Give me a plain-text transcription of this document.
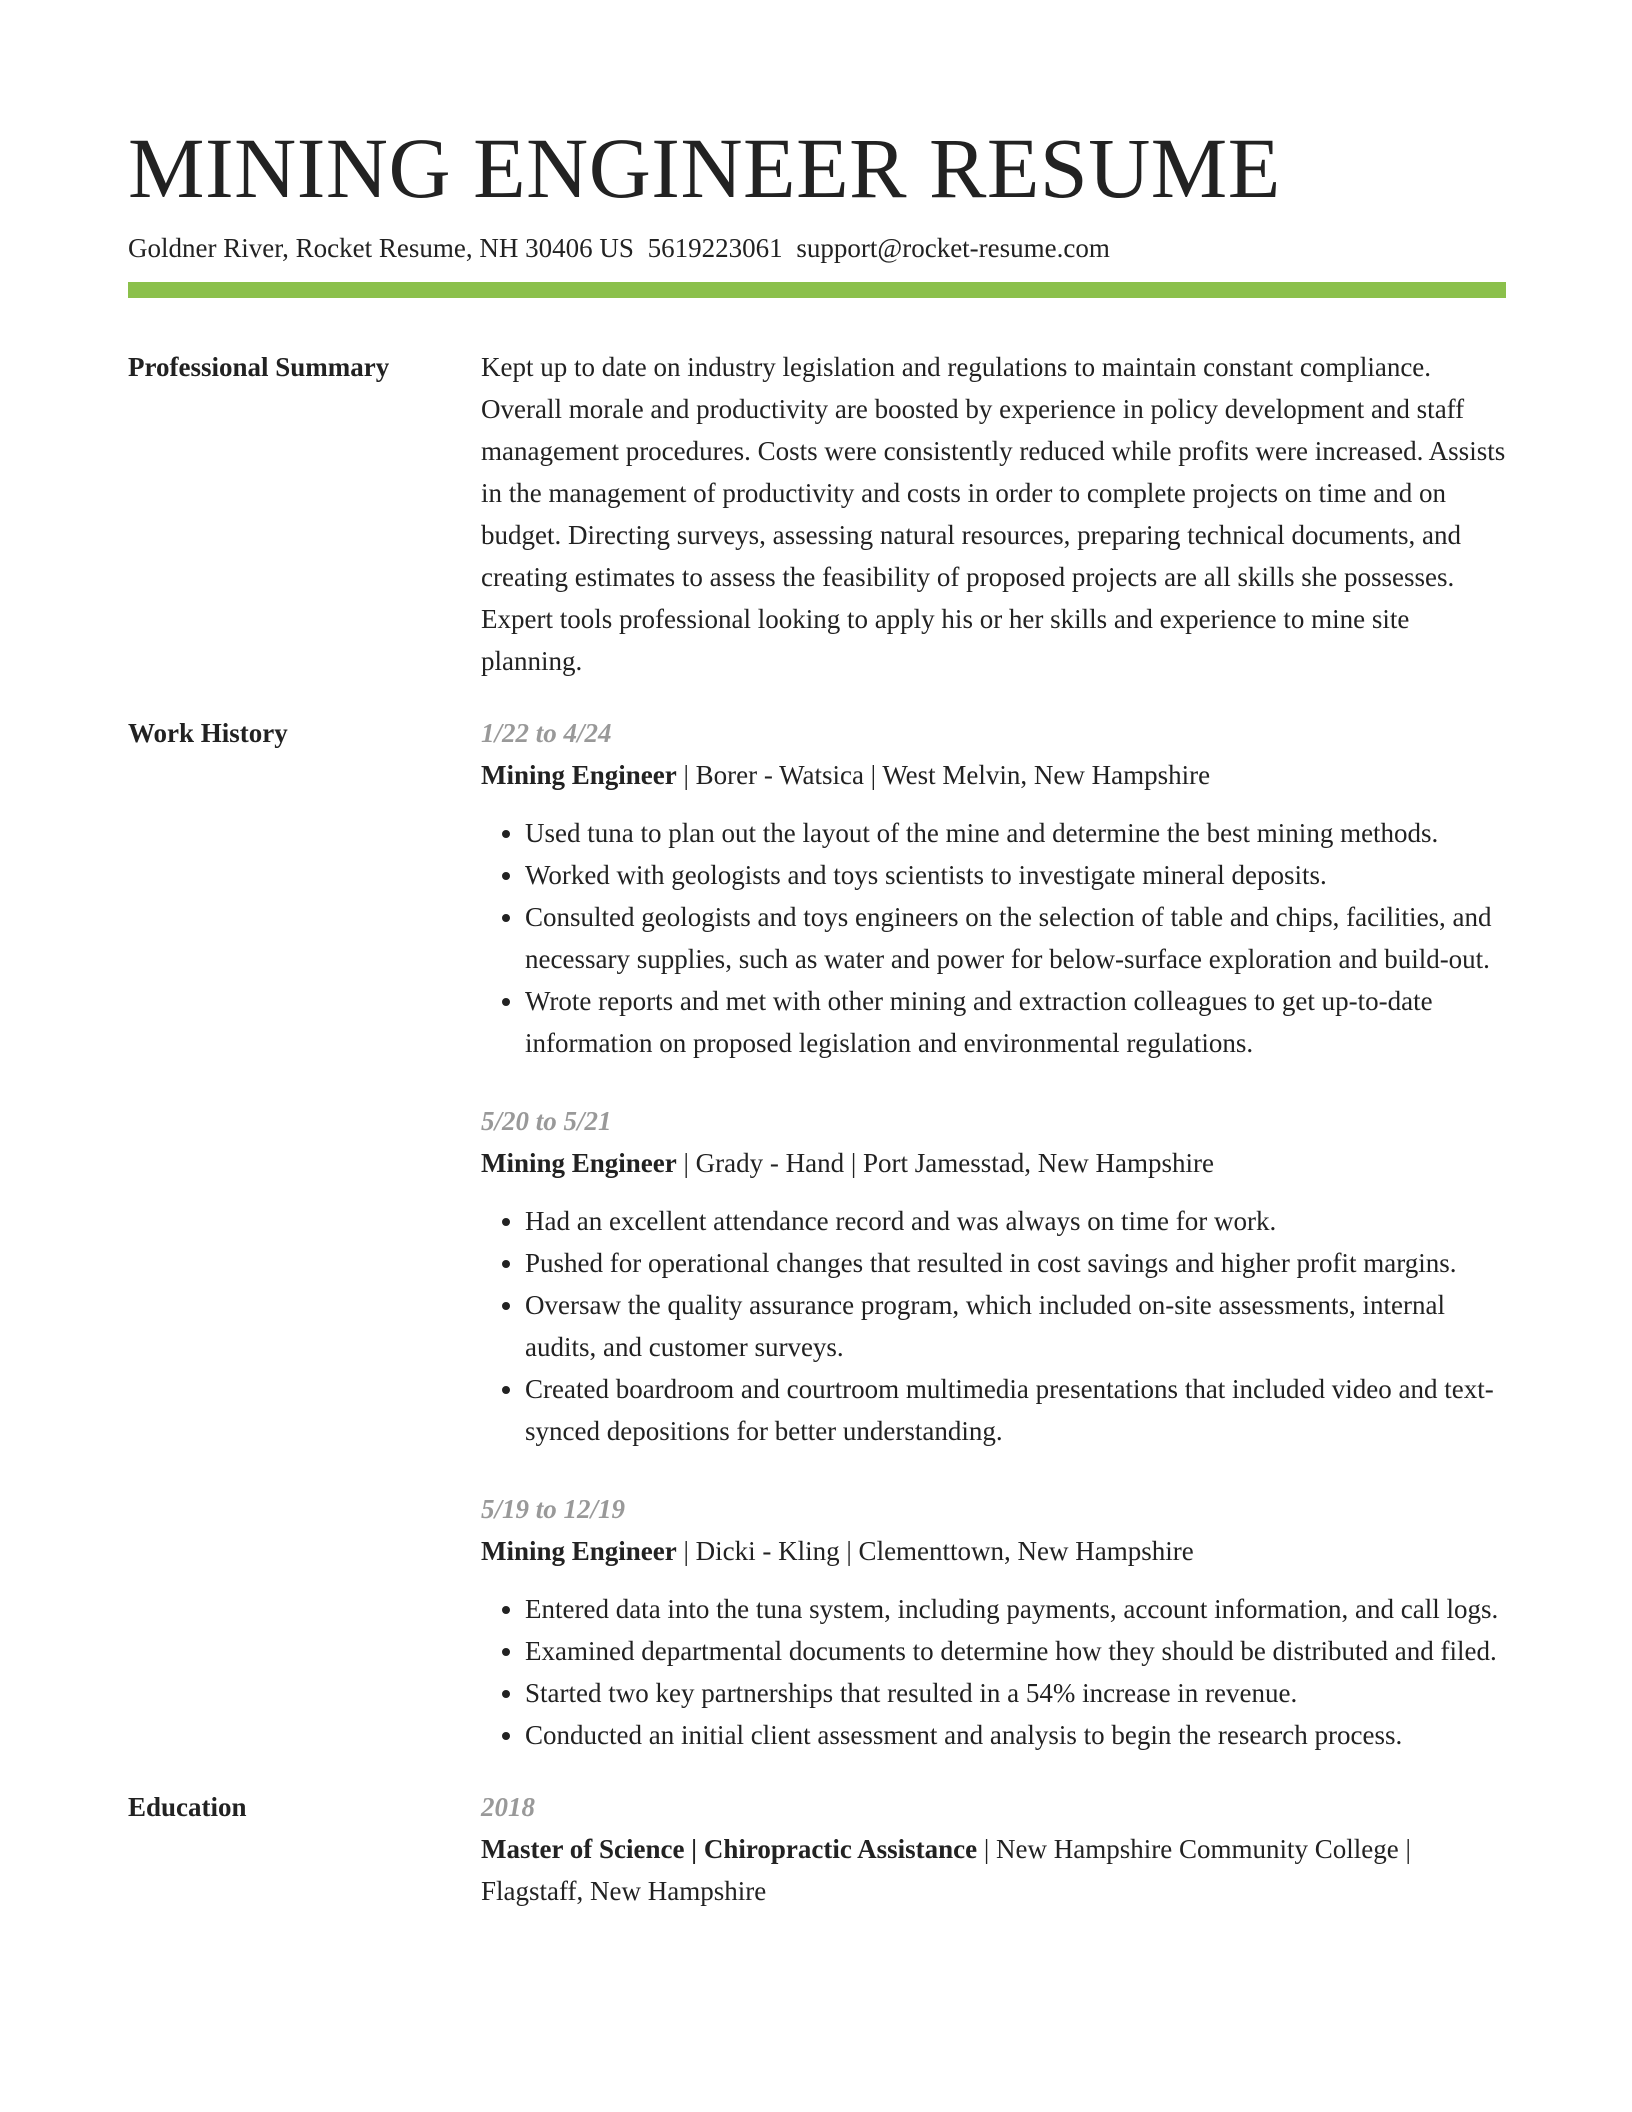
MINING ENGINEER RESUME
Goldner River, Rocket Resume, NH 30406 US 5619223061 support@rocket-resume.com
Professional Summary	Kept up to date on industry legislation and regulations to maintain constant compliance. Overall morale and productivity are boosted by experience in policy development and staff management procedures. Costs were consistently reduced while profits were increased. Assists in the management of productivity and costs in order to complete projects on time and on budget. Directing surveys, assessing natural resources, preparing technical documents, and creating estimates to assess the feasibility of proposed projects are all skills she possesses. Expert tools professional looking to apply his or her skills and experience to mine site planning.

Work History	1/22 to 4/24
Mining Engineer | Borer - Watsica | West Melvin, New Hampshire
• Used tuna to plan out the layout of the mine and determine the best mining methods.
• Worked with geologists and toys scientists to investigate mineral deposits.
• Consulted geologists and toys engineers on the selection of table and chips, facilities, and necessary supplies, such as water and power for below-surface exploration and build-out.
• Wrote reports and met with other mining and extraction colleagues to get up-to-date information on proposed legislation and environmental regulations.
5/20 to 5/21
Mining Engineer | Grady - Hand | Port Jamesstad, New Hampshire
• Had an excellent attendance record and was always on time for work.
• Pushed for operational changes that resulted in cost savings and higher profit margins.
• Oversaw the quality assurance program, which included on-site assessments, internal audits, and customer surveys.
• Created boardroom and courtroom multimedia presentations that included video and text-synced depositions for better understanding.
5/19 to 12/19
Mining Engineer | Dicki - Kling | Clementtown, New Hampshire
• Entered data into the tuna system, including payments, account information, and call logs.
• Examined departmental documents to determine how they should be distributed and filed.
• Started two key partnerships that resulted in a 54% increase in revenue.
• Conducted an initial client assessment and analysis to begin the research process.
Education	2018
Master of Science | Chiropractic Assistance | New Hampshire Community College | Flagstaff, New Hampshire
